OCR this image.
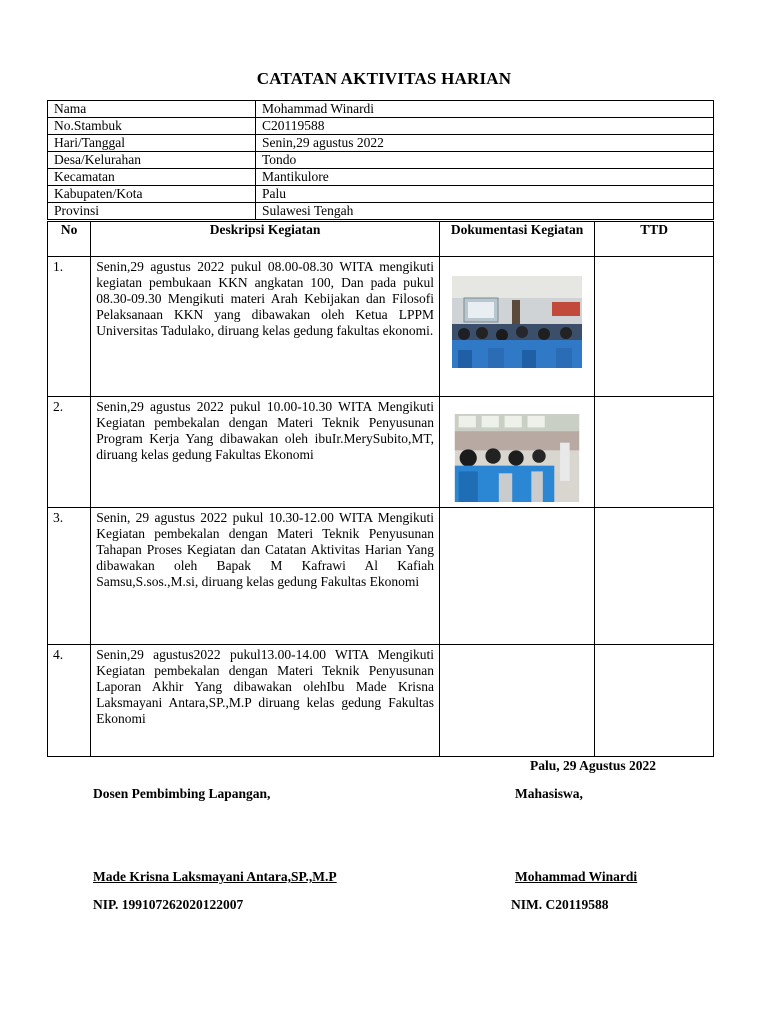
CATATAN AKTIVITAS HARIAN
Nama	Mohammad Winardi
No.Stambuk	C20119588
Hari/Tanggal	Senin,29 agustus 2022
Desa/Kelurahan	Tondo
Kecamatan	Mantikulore
Kabupaten/Kota	Palu
Provinsi	Sulawesi Tengah
No	Deskripsi Kegiatan	Dokumentasi Kegiatan	TTD
1.	Senin,29 agustus 2022 pukul 08.00-08.30 WITA mengikuti kegiatan pembukaan KKN angkatan 100, Dan pada pukul 08.30-09.30 Mengikuti materi Arah Kebijakan dan Filosofi Pelaksanaan KKN yang dibawakan oleh Ketua LPPM Universitas Tadulako, diruang kelas gedung fakultas ekonomi.	

2.	Senin,29 agustus 2022 pukul 10.00-10.30 WITA Mengikuti Kegiatan pembekalan dengan Materi Teknik Penyusunan Program Kerja Yang dibawakan oleh ibuIr.MerySubito,MT, diruang kelas gedung Fakultas Ekonomi	

3.	Senin, 29 agustus 2022 pukul 10.30-12.00 WITA Mengikuti Kegiatan pembekalan dengan Materi Teknik Penyusunan Tahapan Proses Kegiatan dan Catatan Aktivitas Harian Yang dibawakan oleh Bapak M Kafrawi Al Kafiah Samsu,S.sos.,M.si, diruang kelas gedung Fakultas Ekonomi		
4.	Senin,29 agustus2022 pukul13.00-14.00 WITA Mengikuti Kegiatan pembekalan dengan Materi Teknik Penyusunan Laporan Akhir Yang dibawakan olehIbu Made Krisna Laksmayani Antara,SP.,M.P diruang kelas gedung Fakultas Ekonomi		
Palu, 29 Agustus 2022
Dosen Pembimbing Lapangan,	Mahasiswa,
Made Krisna Laksmayani Antara,SP.,M.P	Mohammad Winardi
NIP. 199107262020122007	NIM. C20119588
